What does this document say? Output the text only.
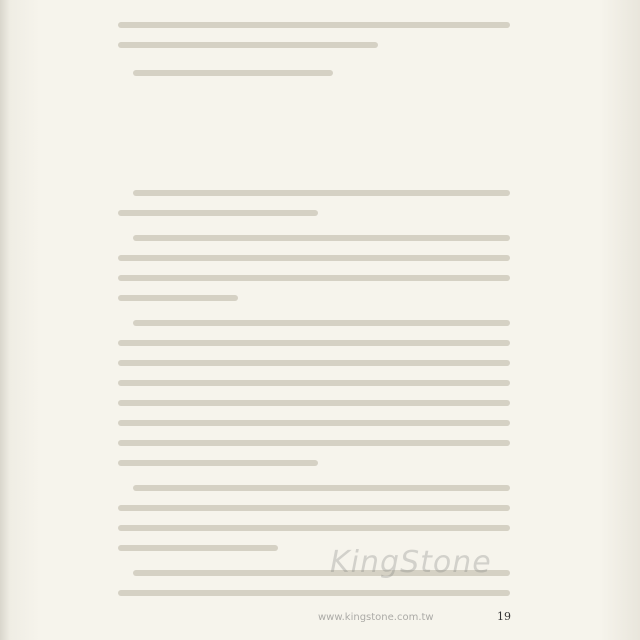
KingStone
www.kingstone.com.tw	19
